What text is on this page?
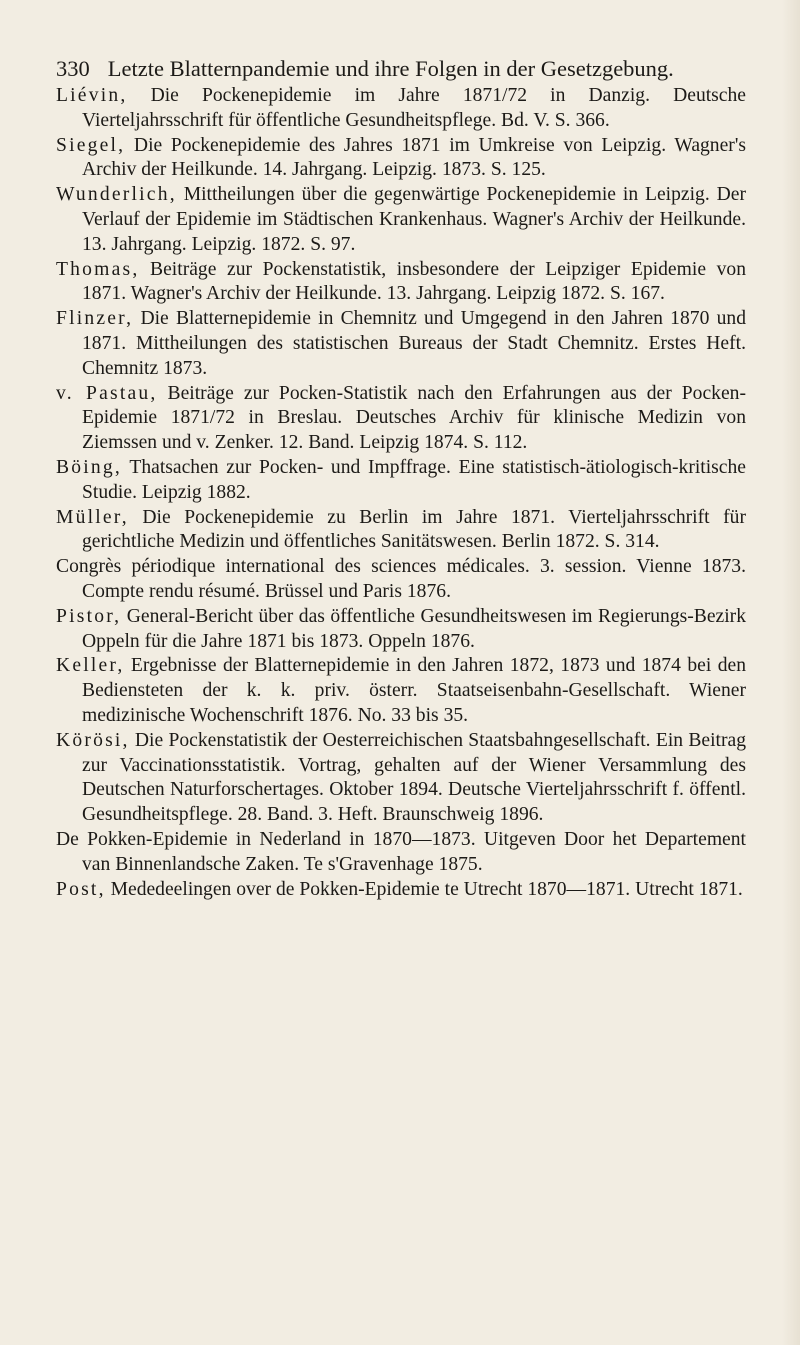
330 Letzte Blatternpandemie und ihre Folgen in der Gesetzgebung.

Liévin, Die Pockenepidemie im Jahre 1871/72 in Danzig. Deutsche Vierteljahrsschrift für öffentliche Gesundheitspflege. Bd. V. S. 366.

Siegel, Die Pockenepidemie des Jahres 1871 im Umkreise von Leipzig. Wagner's Archiv der Heilkunde. 14. Jahrgang. Leipzig. 1873. S. 125.

Wunderlich, Mittheilungen über die gegenwärtige Pockenepidemie in Leipzig. Der Verlauf der Epidemie im Städtischen Krankenhaus. Wagner's Archiv der Heilkunde. 13. Jahrgang. Leipzig. 1872. S. 97.

Thomas, Beiträge zur Pockenstatistik, insbesondere der Leipziger Epidemie von 1871. Wagner's Archiv der Heilkunde. 13. Jahrgang. Leipzig 1872. S. 167.

Flinzer, Die Blatternepidemie in Chemnitz und Umgegend in den Jahren 1870 und 1871. Mittheilungen des statistischen Bureaus der Stadt Chemnitz. Erstes Heft. Chemnitz 1873.

v. Pastau, Beiträge zur Pocken-Statistik nach den Erfahrungen aus der Pocken-Epidemie 1871/72 in Breslau. Deutsches Archiv für klinische Medizin von Ziemssen und v. Zenker. 12. Band. Leipzig 1874. S. 112.

Böing, Thatsachen zur Pocken- und Impffrage. Eine statistisch-ätiologisch-kritische Studie. Leipzig 1882.

Müller, Die Pockenepidemie zu Berlin im Jahre 1871. Vierteljahrsschrift für gerichtliche Medizin und öffentliches Sanitätswesen. Berlin 1872. S. 314.

Congrès périodique international des sciences médicales. 3. session. Vienne 1873. Compte rendu résumé. Brüssel und Paris 1876.

Pistor, General-Bericht über das öffentliche Gesundheitswesen im Regierungs-Bezirk Oppeln für die Jahre 1871 bis 1873. Oppeln 1876.

Keller, Ergebnisse der Blatternepidemie in den Jahren 1872, 1873 und 1874 bei den Bediensteten der k. k. priv. österr. Staatseisenbahn-Gesellschaft. Wiener medizinische Wochenschrift 1876. No. 33 bis 35.

Körösi, Die Pockenstatistik der Oesterreichischen Staatsbahngesellschaft. Ein Beitrag zur Vaccinationsstatistik. Vortrag, gehalten auf der Wiener Versammlung des Deutschen Naturforschertages. Oktober 1894. Deutsche Vierteljahrsschrift f. öffentl. Gesundheitspflege. 28. Band. 3. Heft. Braunschweig 1896.

De Pokken-Epidemie in Nederland in 1870—1873. Uitgeven Door het Departement van Binnenlandsche Zaken. Te s'Gravenhage 1875.

Post, Mededeelingen over de Pokken-Epidemie te Utrecht 1870—1871. Utrecht 1871.
